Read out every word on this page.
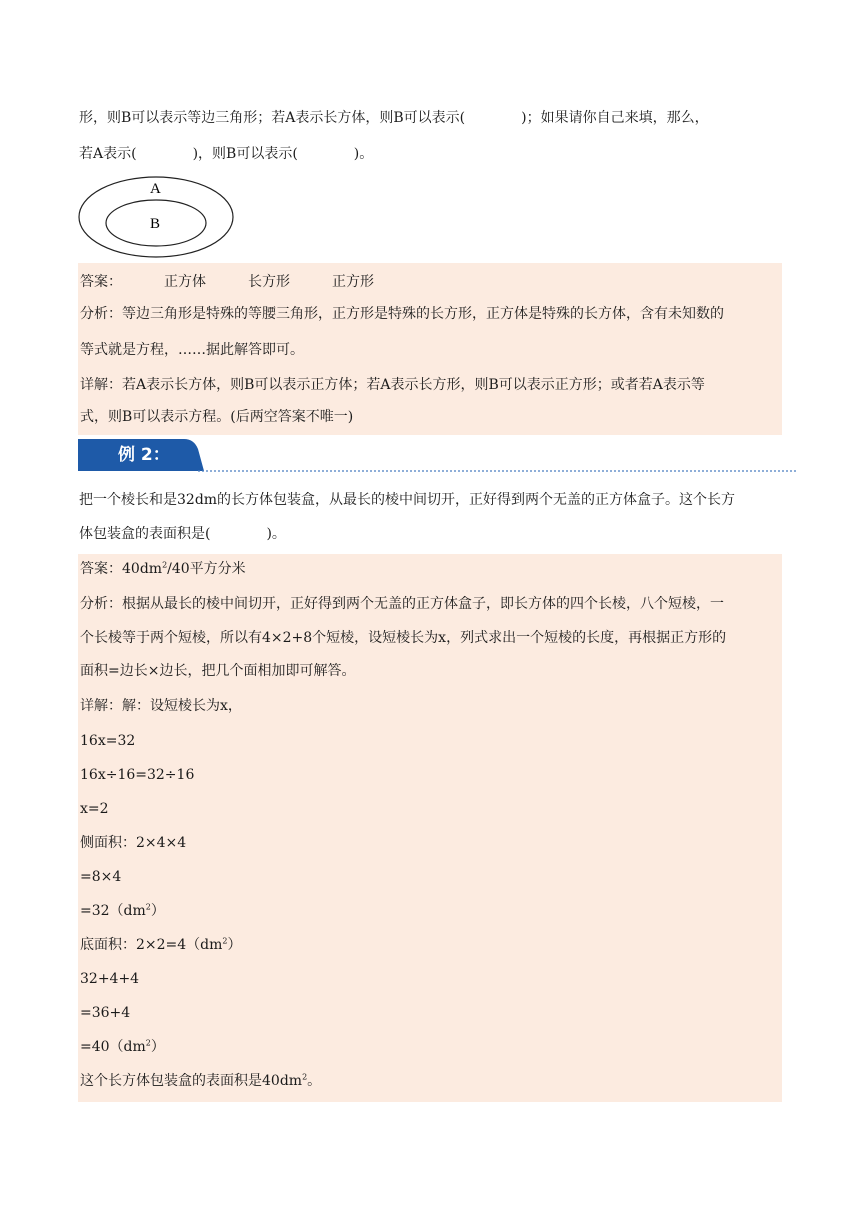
形，则B可以表示等边三角形；若A表示长方体，则B可以表示(　　　　)；如果请你自己来填，那么，
若A表示(　　　　)，则B可以表示(　　　　)。
A
B
答案：	正方体	长方形	正方形
分析：等边三角形是特殊的等腰三角形，正方形是特殊的长方形，正方体是特殊的长方体，含有未知数的
等式就是方程，……据此解答即可。
详解：若A表示长方体，则B可以表示正方体；若A表示长方形，则B可以表示正方形；或者若A表示等
式，则B可以表示方程。(后两空答案不唯一)
例 2：
把一个棱长和是32dm的长方体包装盒，从最长的棱中间切开，正好得到两个无盖的正方体盒子。这个长方
体包装盒的表面积是(　　　　)。
答案：$40dm^2/40$平方分米
分析：根据从最长的棱中间切开，正好得到两个无盖的正方体盒子，即长方体的四个长棱，八个短棱，一
个长棱等于两个短棱，所以有4×2+8个短棱，设短棱长为x，列式求出一个短棱的长度，再根据正方形的
面积=边长×边长，把几个面相加即可解答。
详解：解：设短棱长为x，
16x=32
16x÷16=32÷16
x=2
侧面积：2×4×4
=8×4
$=32(dm^2)$
底面积：$2\times 2=4(dm^2)$
32+4+4
=36+4
$=40(dm^2)$
这个长方体包装盒的表面积是$40dm^2$。
